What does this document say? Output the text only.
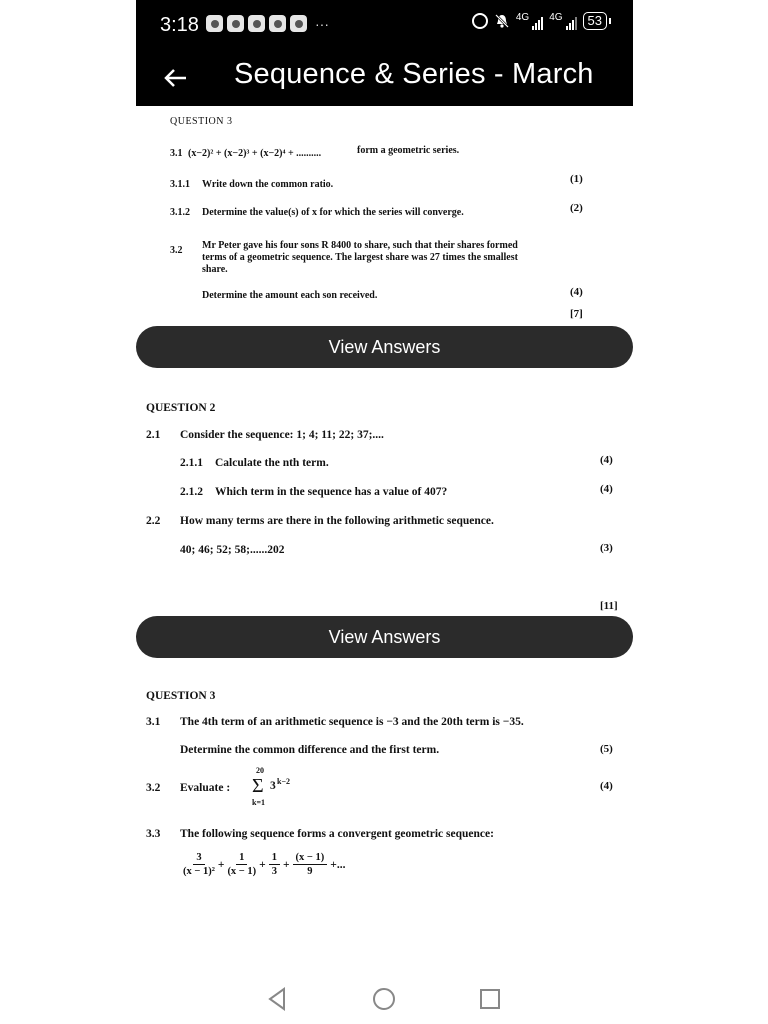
3:18	···	4G 4G	53
Sequence & Series - March
QUESTION 3
3.1 (x−2)² + (x−2)³ + (x−2)⁴ + ..........	form a geometric series.
3.1.1 Write down the common ratio.	(1)
3.1.2 Determine the value(s) of x for which the series will converge.	(2)
3.2 Mr Peter gave his four sons R 8400 to share, such that their shares formed
terms of a geometric sequence. The largest share was 27 times the smallest
share.
Determine the amount each son received.	(4)
[7]
View Answers
QUESTION 2
2.1 Consider the sequence: 1; 4; 11; 22; 37;....
2.1.1 Calculate the nth term.	(4)
2.1.2 Which term in the sequence has a value of 407?	(4)
2.2 How many terms are there in the following arithmetic sequence.
40; 46; 52; 58;......202	(3)
[11]
View Answers
QUESTION 3
3.1 The 4th term of an arithmetic sequence is −3 and the 20th term is −35.
Determine the common difference and the first term.	(5)
3.2 Evaluate :
20
Σ 3 k−2
k=1
(4)
3.3 The following sequence forms a convergent geometric sequence:
$\frac{3}{\text{(x − 1)²}} + \frac{1}{(x - 1)} + \frac{1}{3} + \frac{(x - 1)}{9}$ +...
